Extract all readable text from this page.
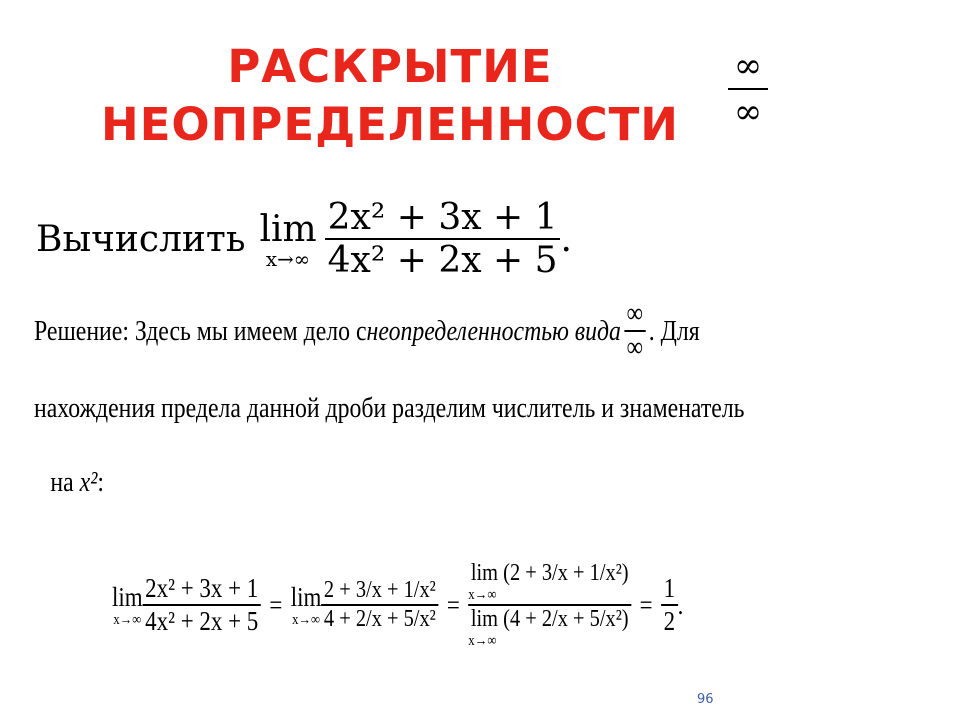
РАСКРЫТИЕ
НЕОПРЕДЕЛЕННОСТИ
∞
∞
Вычислить lim
$x\to\infty \frac{\text{2x² + 3x + 1}}{\text{4x² + 2x + 5}}$ .
Решение: Здесь мы имеем дело с неопределенностью вида $\frac{\infty}{\infty}$ . Для
нахождения предела данной дроби разделим числитель и знаменатель
на x²:
lim
$x\to\infty \frac{\text{2x² + 3x + 1}}{\text{4x² + 2x + 5}} = \lim$
$x\to\infty \frac{\text{2 + 3/x + 1/x²}}{\text{4 + 2/x + 5/x²}}$ =
lim (2 + 3/x + 1/x²)
x→∞
lim (4 + 2/x + 5/x²)
x→∞
= $\frac{1}{2}$ .
96
